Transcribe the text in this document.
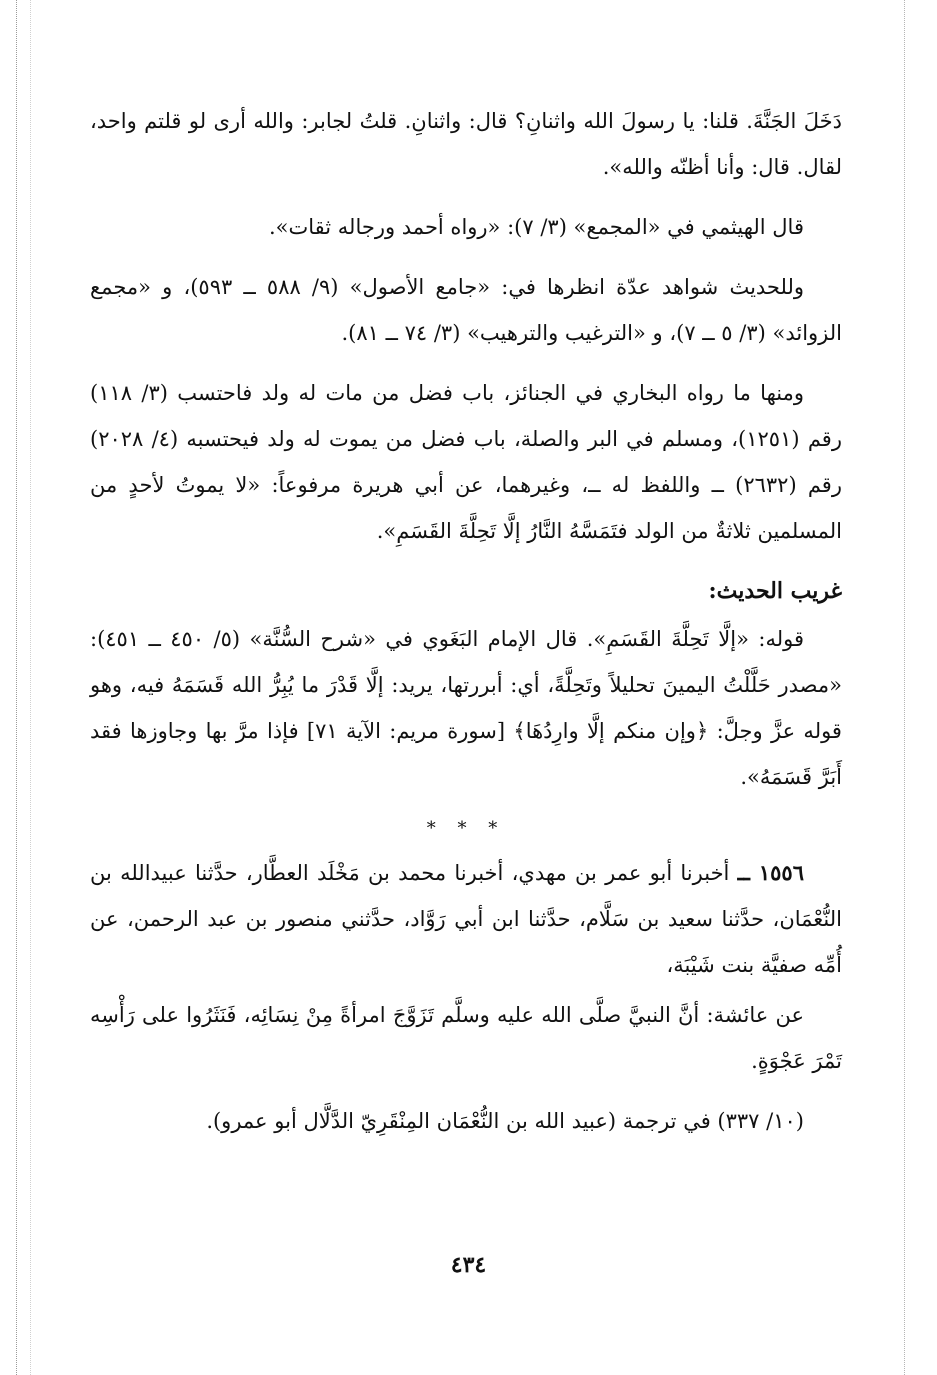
دَخَلَ الجَنَّةَ. قلنا: يا رسولَ الله واثنانِ؟ قال: واثنانِ. قلتُ لجابر: والله أرى لو قلتم واحد، لقال. قال: وأنا أظنّه والله».

قال الهيثمي في «المجمع» (٣/ ٧): «رواه أحمد ورجاله ثقات».

وللحديث شواهد عدّة انظرها في: «جامع الأصول» (٩/ ٥٨٨ ــ ٥٩٣)، و «مجمع الزوائد» (٣/ ٥ ــ ٧)، و «الترغيب والترهيب» (٣/ ٧٤ ــ ٨١).

ومنها ما رواه البخاري في الجنائز، باب فضل من مات له ولد فاحتسب (٣/ ١١٨) رقم (١٢٥١)، ومسلم في البر والصلة، باب فضل من يموت له ولد فيحتسبه (٤/ ٢٠٢٨) رقم (٢٦٣٢) ــ واللفظ له ــ، وغيرهما، عن أبي هريرة مرفوعاً: «لا يموتُ لأحدٍ من المسلمين ثلاثةٌ من الولد فتَمَسَّهُ النَّارُ إلَّا تَحِلَّةَ القَسَمِ».

غريب الحديث:

قوله: «إلَّا تَحِلَّةَ القَسَمِ». قال الإمام البَغَوي في «شرح السُّنَّة» (٥/ ٤٥٠ ــ ٤٥١): «مصدر حَلَّلْتُ اليمينَ تحليلاً وتَحِلَّةً، أي: أبررتها، يريد: إلَّا قَدْرَ ما يُبِرُّ الله قَسَمَهُ فيه، وهو قوله عزَّ وجلَّ: ﴿وإن منكم إلَّا وارِدُهَا﴾ [سورة مريم: الآية ٧١] فإذا مرَّ بها وجاوزها فقد أَبَرَّ قَسَمَهُ».

* * *

١٥٥٦ ــ أخبرنا أبو عمر بن مهدي، أخبرنا محمد بن مَخْلَد العطَّار، حدَّثنا عبيدالله بن النُّعْمَان، حدَّثنا سعيد بن سَلَّام، حدَّثنا ابن أبي رَوَّاد، حدَّثني منصور بن عبد الرحمن، عن أُمِّه صفيَّة بنت شَيْبَة،

عن عائشة: أنَّ النبيَّ صلَّى الله عليه وسلَّم تَزَوَّجَ امرأةً مِنْ نِسَائِه، فَنَثَرُوا على رَأْسِه تَمْرَ عَجْوَةٍ.

(١٠/ ٣٣٧) في ترجمة (عبيد الله بن النُّعْمَان المِنْقَرِيّ الدَّلَّال أبو عمرو).

٤٣٤
